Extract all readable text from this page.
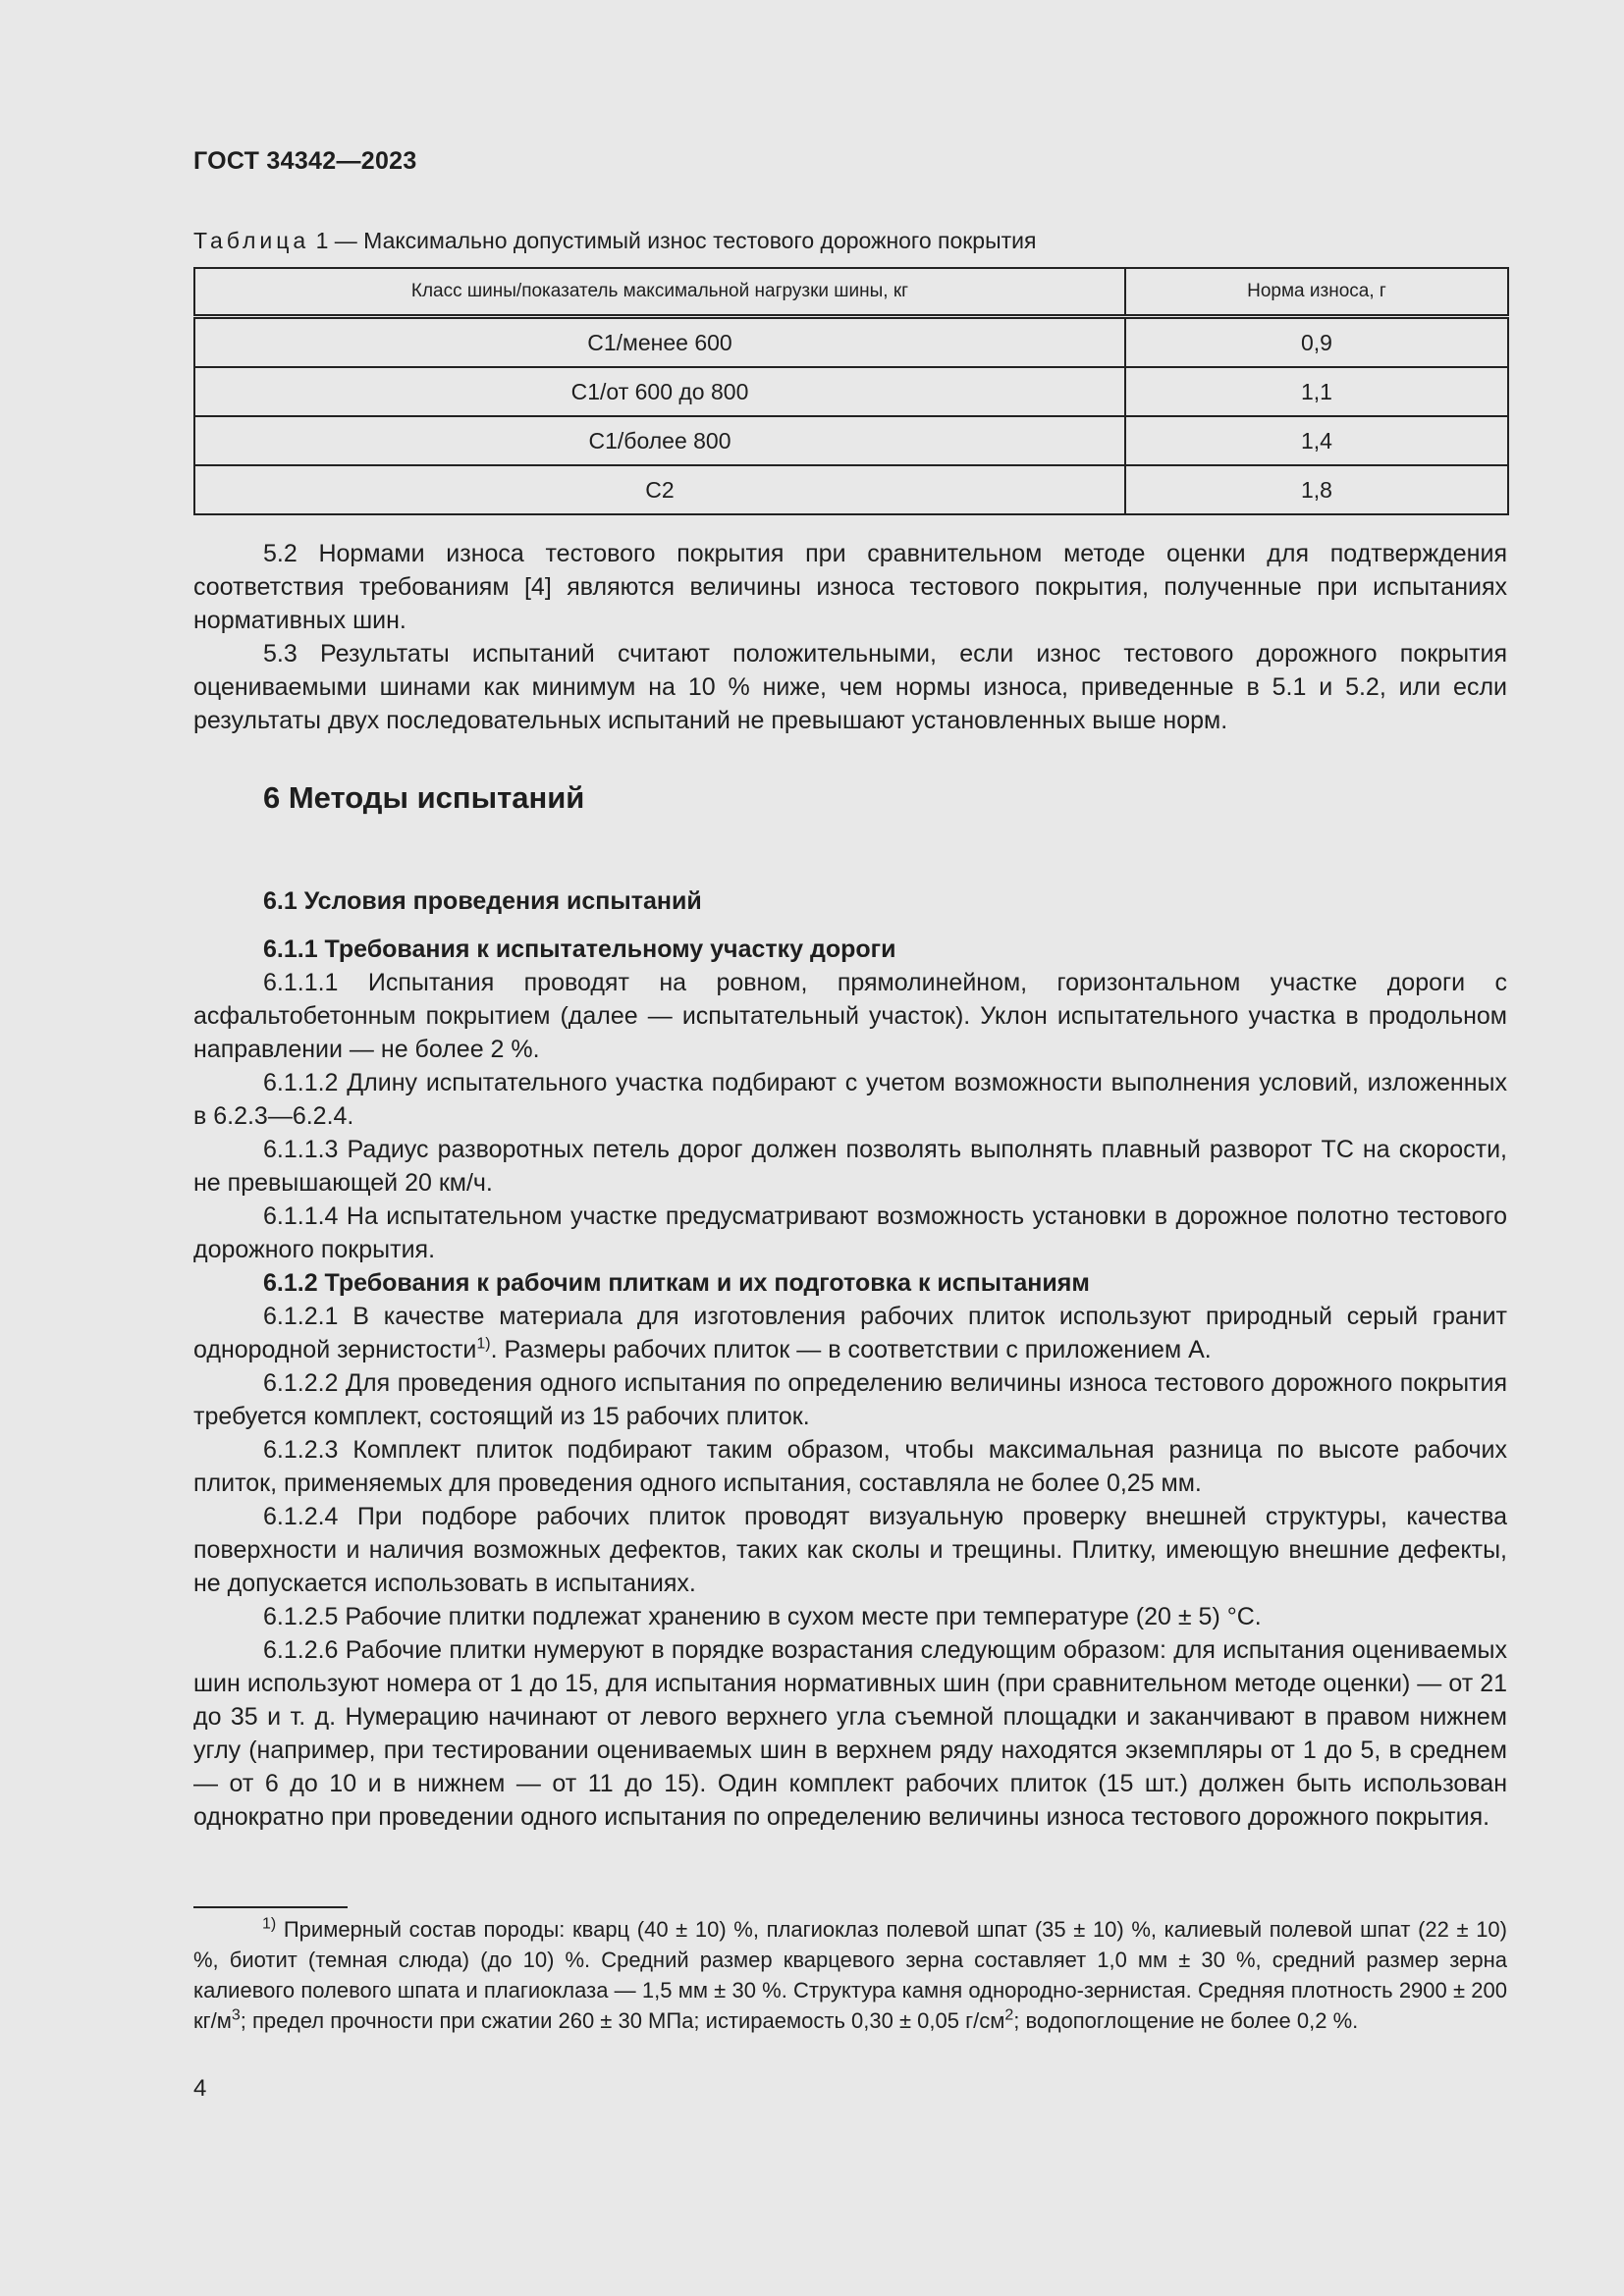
ГОСТ 34342—2023
Таблица 1 — Максимально допустимый износ тестового дорожного покрытия
Класс шины/показатель максимальной нагрузки шины, кг	Норма износа, г
С1/менее 600	0,9
С1/от 600 до 800	1,1
С1/более 800	1,4
С2	1,8

5.2 Нормами износа тестового покрытия при сравнительном методе оценки для подтверждения соответствия требованиям [4] являются величины износа тестового покрытия, полученные при испытаниях нормативных шин.

5.3 Результаты испытаний считают положительными, если износ тестового дорожного покрытия оцениваемыми шинами как минимум на 10 % ниже, чем нормы износа, приведенные в 5.1 и 5.2, или если результаты двух последовательных испытаний не превышают установленных выше норм.

6 Методы испытаний
6.1 Условия проведения испытаний
6.1.1 Требования к испытательному участку дороги

6.1.1.1 Испытания проводят на ровном, прямолинейном, горизонтальном участке дороги с асфальтобетонным покрытием (далее — испытательный участок). Уклон испытательного участка в продольном направлении — не более 2 %.

6.1.1.2 Длину испытательного участка подбирают с учетом возможности выполнения условий, изложенных в 6.2.3—6.2.4.

6.1.1.3 Радиус разворотных петель дорог должен позволять выполнять плавный разворот ТС на скорости, не превышающей 20 км/ч.

6.1.1.4 На испытательном участке предусматривают возможность установки в дорожное полотно тестового дорожного покрытия.

6.1.2 Требования к рабочим плиткам и их подготовка к испытаниям

6.1.2.1 В качестве материала для изготовления рабочих плиток используют природный серый гранит однородной зернистости$^{1)}$. Размеры рабочих плиток — в соответствии с приложением А.

6.1.2.2 Для проведения одного испытания по определению величины износа тестового дорожного покрытия требуется комплект, состоящий из 15 рабочих плиток.

6.1.2.3 Комплект плиток подбирают таким образом, чтобы максимальная разница по высоте рабочих плиток, применяемых для проведения одного испытания, составляла не более 0,25 мм.

6.1.2.4 При подборе рабочих плиток проводят визуальную проверку внешней структуры, качества поверхности и наличия возможных дефектов, таких как сколы и трещины. Плитку, имеющую внешние дефекты, не допускается использовать в испытаниях.

6.1.2.5 Рабочие плитки подлежат хранению в сухом месте при температуре (20 ± 5) °С.

6.1.2.6 Рабочие плитки нумеруют в порядке возрастания следующим образом: для испытания оцениваемых шин используют номера от 1 до 15, для испытания нормативных шин (при сравнительном методе оценки) — от 21 до 35 и т. д. Нумерацию начинают от левого верхнего угла съемной площадки и заканчивают в правом нижнем углу (например, при тестировании оцениваемых шин в верхнем ряду находятся экземпляры от 1 до 5, в среднем — от 6 до 10 и в нижнем — от 11 до 15). Один комплект рабочих плиток (15 шт.) должен быть использован однократно при проведении одного испытания по определению величины износа тестового дорожного покрытия.

$^{1)}$ Примерный состав породы: кварц (40 ± 10) %, плагиоклаз полевой шпат (35 ± 10) %, калиевый полевой шпат (22 ± 10) %, биотит (темная слюда) (до 10) %. Средний размер кварцевого зерна составляет 1,0 мм ± 30 %, средний размер зерна калиевого полевого шпата и плагиоклаза — 1,5 мм ± 30 %. Структура камня однородно-зернистая. Средняя плотность 2900 ± 200 $кг/м^3$; предел прочности при сжатии 260 ± 30 МПа; истираемость 0,30 ± 0,05 $г/см^2$; водопоглощение не более 0,2 %.

4
